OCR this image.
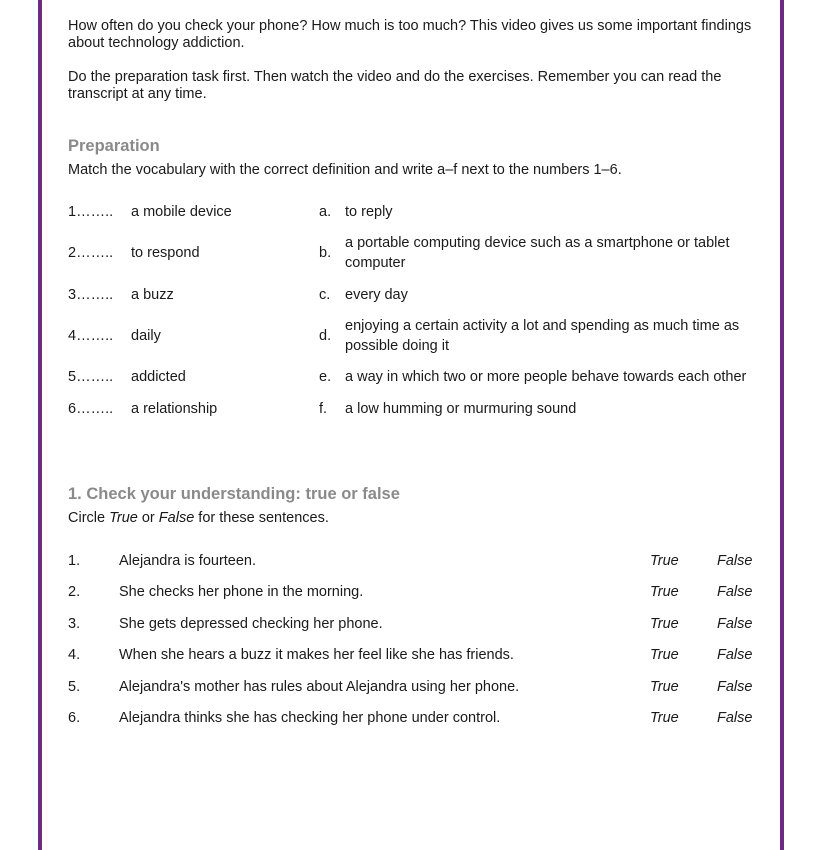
How often do you check your phone? How much is too much? This video gives us some important findings about technology addiction.
Do the preparation task first. Then watch the video and do the exercises. Remember you can read the transcript at any time.
Preparation
Match the vocabulary with the correct definition and write a–f next to the numbers 1–6.
1…….. a mobile device	a. to reply
2…….. to respond	b.
a portable computing device such as a smartphone or tablet computer
3…….. a buzz	c. every day
4…….. daily	d.
enjoying a certain activity a lot and spending as much time as possible doing it
5…….. addicted	e. a way in which two or more people behave towards each other
6…….. a relationship	f. a low humming or murmuring sound
1. Check your understanding: true or false
Circle True or False for these sentences.
1.	Alejandra is fourteen.	True	False
2.	She checks her phone in the morning.	True	False
3.	She gets depressed checking her phone.	True	False
4.	When she hears a buzz it makes her feel like she has friends.	True	False
5.	Alejandra's mother has rules about Alejandra using her phone.	True	False
6.	Alejandra thinks she has checking her phone under control.	True	False
